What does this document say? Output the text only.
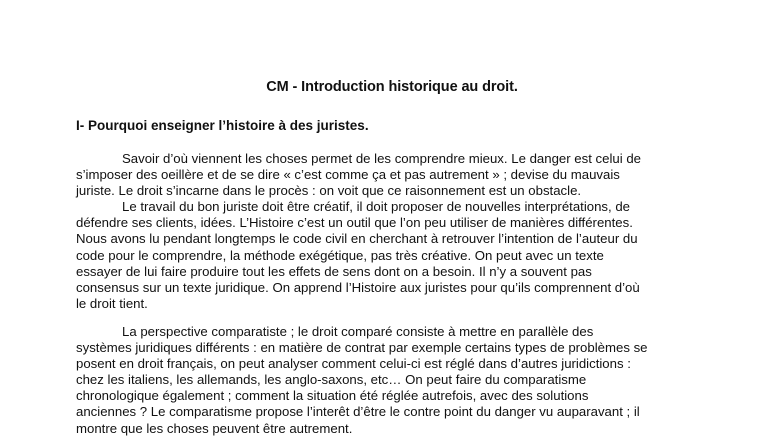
CM - Introduction historique au droit.
I- Pourquoi enseigner l’histoire à des juristes.
Savoir d’où viennent les choses permet de les comprendre mieux. Le danger est celui de
s’imposer des oeillère et de se dire « c’est comme ça et pas autrement » ; devise du mauvais
juriste. Le droit s’incarne dans le procès : on voit que ce raisonnement est un obstacle.
Le travail du bon juriste doit être créatif, il doit proposer de nouvelles interprétations, de
défendre ses clients, idées. L’Histoire c’est un outil que l’on peu utiliser de manières différentes.
Nous avons lu pendant longtemps le code civil en cherchant à retrouver l’intention de l’auteur du
code pour le comprendre, la méthode exégétique, pas très créative. On peut avec un texte
essayer de lui faire produire tout les effets de sens dont on a besoin. Il n’y a souvent pas
consensus sur un texte juridique. On apprend l’Histoire aux juristes pour qu’ils comprennent d’où
le droit tient.
La perspective comparatiste ; le droit comparé consiste à mettre en parallèle des
systèmes juridiques différents : en matière de contrat par exemple certains types de problèmes se
posent en droit français, on peut analyser comment celui-ci est réglé dans d’autres juridictions :
chez les italiens, les allemands, les anglo-saxons, etc… On peut faire du comparatisme
chronologique également ; comment la situation été réglée autrefois, avec des solutions
anciennes ? Le comparatisme propose l’interêt d’être le contre point du danger vu auparavant ; il
montre que les choses peuvent être autrement.
